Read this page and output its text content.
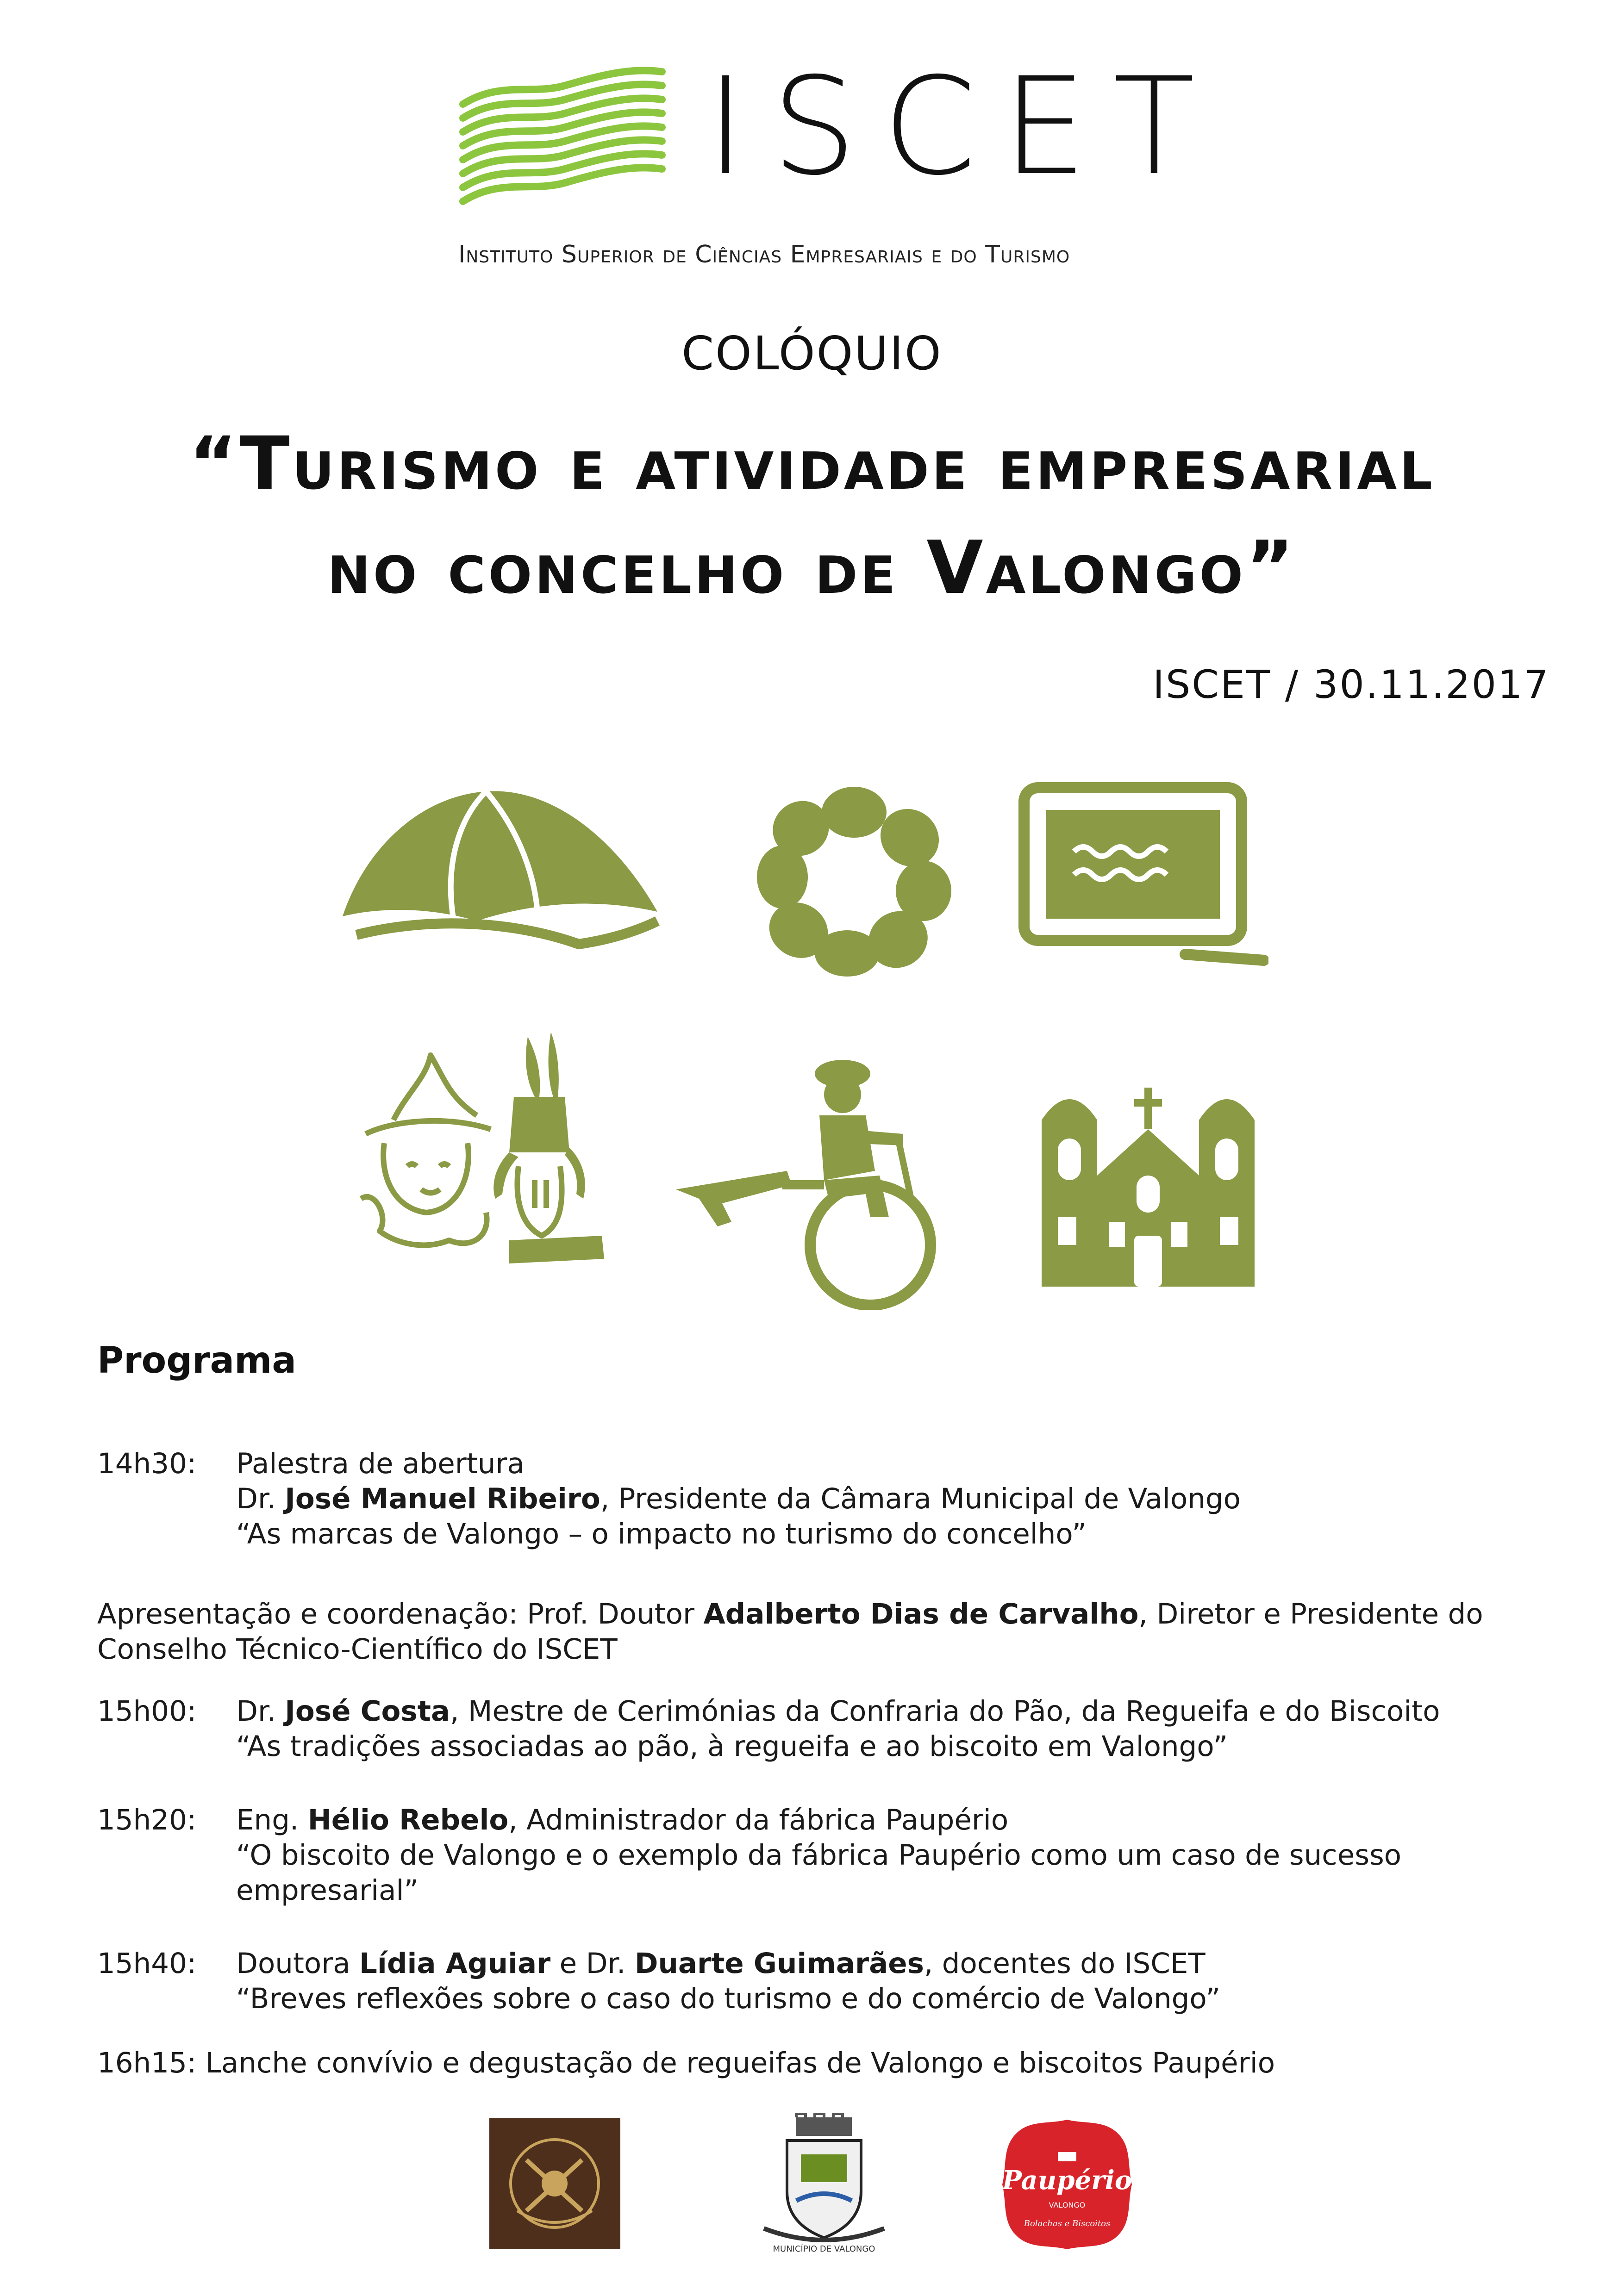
ISCET
Instituto Superior de Ciências Empresariais e do Turismo
COLÓQUIO
“Turismo e atividade empresarial
no concelho de Valongo”
ISCET / 30.11.2017
Programa
14h30: Palestra de abertura
Dr. José Manuel Ribeiro, Presidente da Câmara Municipal de Valongo
“As marcas de Valongo – o impacto no turismo do concelho”
Apresentação e coordenação: Prof. Doutor Adalberto Dias de Carvalho, Diretor e Presidente do
Conselho Técnico-Científico do ISCET
15h00: Dr. José Costa, Mestre de Cerimónias da Confraria do Pão, da Regueifa e do Biscoito
“As tradições associadas ao pão, à regueifa e ao biscoito em Valongo”
15h20: Eng. Hélio Rebelo, Administrador da fábrica Paupério
“O biscoito de Valongo e o exemplo da fábrica Paupério como um caso de sucesso
empresarial”
15h40: Doutora Lídia Aguiar e Dr. Duarte Guimarães, docentes do ISCET
“Breves reflexões sobre o caso do turismo e do comércio de Valongo”
16h15: Lanche convívio e degustação de regueifas de Valongo e biscoitos Paupério
MUNICÍPIO DE VALONGO
Paupério
VALONGO
Bolachas e Biscoitos
